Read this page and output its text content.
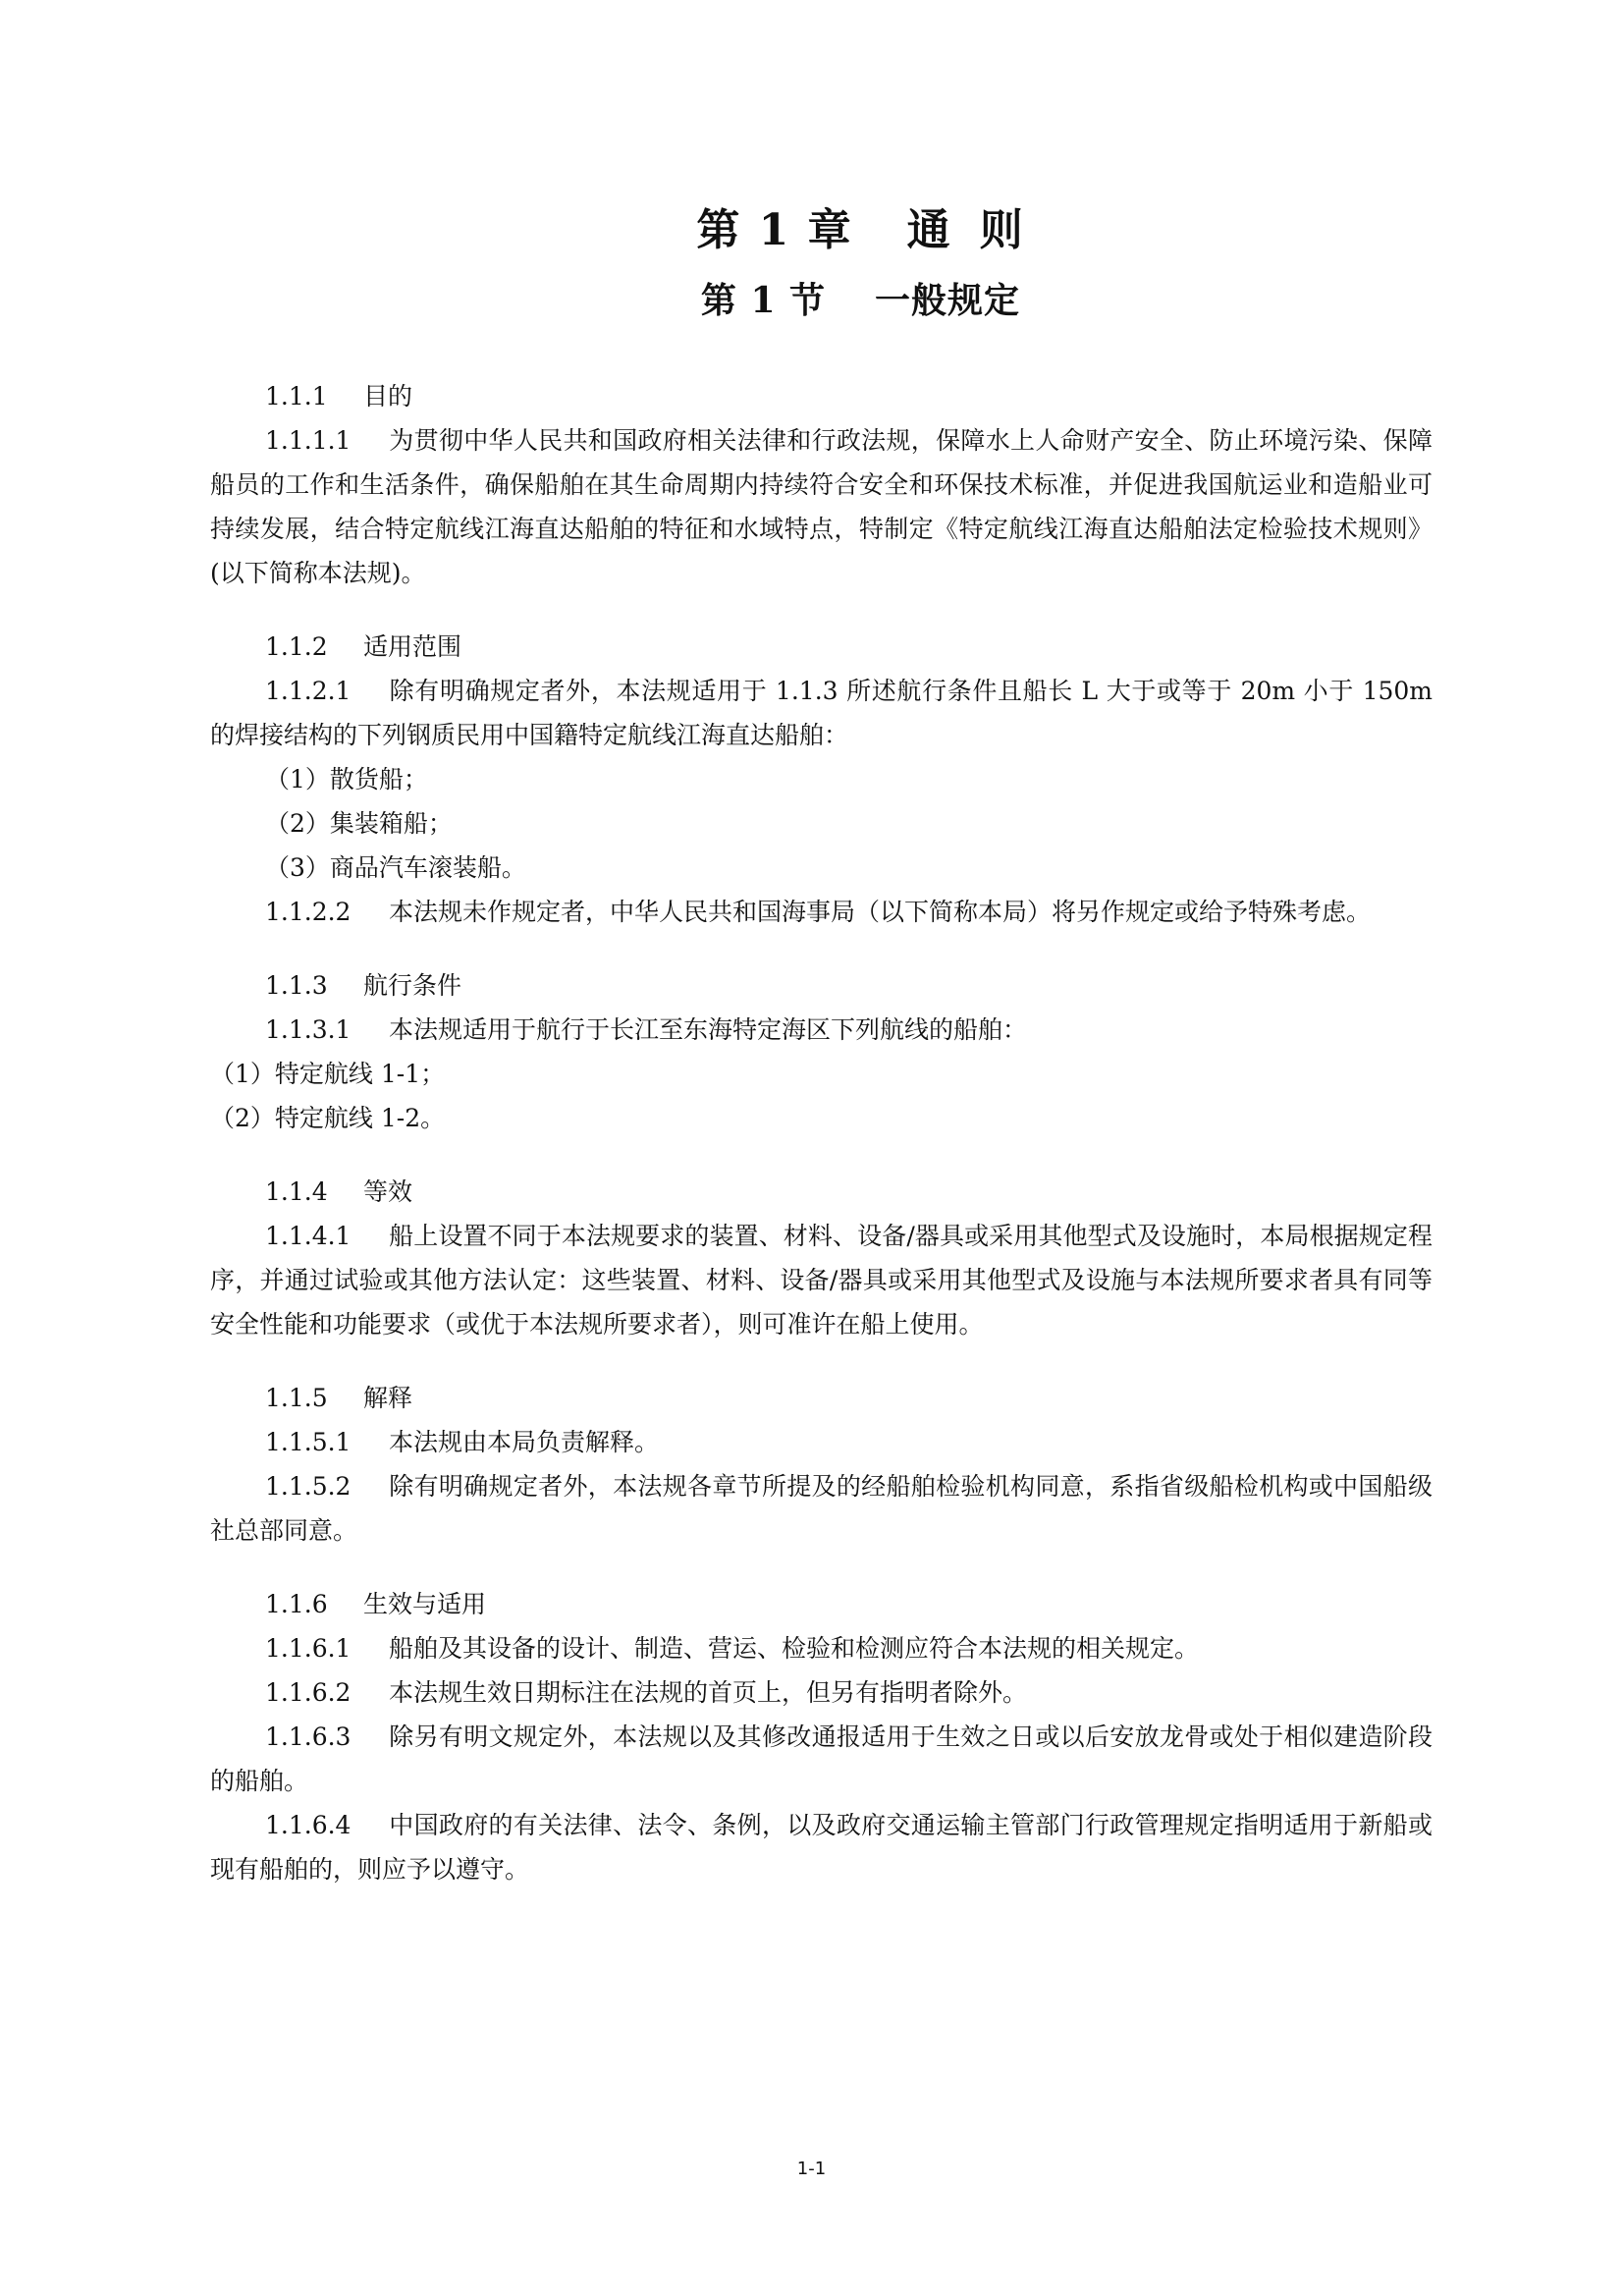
第 1 章 通 则
第 1 节 一般规定
1.1.1 目的
1.1.1.1 为贯彻中华人民共和国政府相关法律和行政法规，保障水上人命财产安全、防止环境污染、保障船员的工作和生活条件，确保船舶在其生命周期内持续符合安全和环保技术标准，并促进我国航运业和造船业可持续发展，结合特定航线江海直达船舶的特征和水域特点，特制定《特定航线江海直达船舶法定检验技术规则》(以下简称本法规)。
1.1.2 适用范围
1.1.2.1 除有明确规定者外，本法规适用于 1.1.3 所述航行条件且船长 L 大于或等于 20m 小于 150m 的焊接结构的下列钢质民用中国籍特定航线江海直达船舶：
（1）散货船；
（2）集装箱船；
（3）商品汽车滚装船。
1.1.2.2 本法规未作规定者，中华人民共和国海事局（以下简称本局）将另作规定或给予特殊考虑。
1.1.3 航行条件
1.1.3.1 本法规适用于航行于长江至东海特定海区下列航线的船舶：
（1）特定航线 1-1；
（2）特定航线 1-2。
1.1.4 等效
1.1.4.1 船上设置不同于本法规要求的装置、材料、设备/器具或采用其他型式及设施时，本局根据规定程序，并通过试验或其他方法认定：这些装置、材料、设备/器具或采用其他型式及设施与本法规所要求者具有同等安全性能和功能要求（或优于本法规所要求者），则可准许在船上使用。
1.1.5 解释
1.1.5.1 本法规由本局负责解释。
1.1.5.2 除有明确规定者外，本法规各章节所提及的经船舶检验机构同意，系指省级船检机构或中国船级社总部同意。
1.1.6 生效与适用
1.1.6.1 船舶及其设备的设计、制造、营运、检验和检测应符合本法规的相关规定。
1.1.6.2 本法规生效日期标注在法规的首页上，但另有指明者除外。
1.1.6.3 除另有明文规定外，本法规以及其修改通报适用于生效之日或以后安放龙骨或处于相似建造阶段的船舶。
1.1.6.4 中国政府的有关法律、法令、条例，以及政府交通运输主管部门行政管理规定指明适用于新船或现有船舶的，则应予以遵守。
1-1
